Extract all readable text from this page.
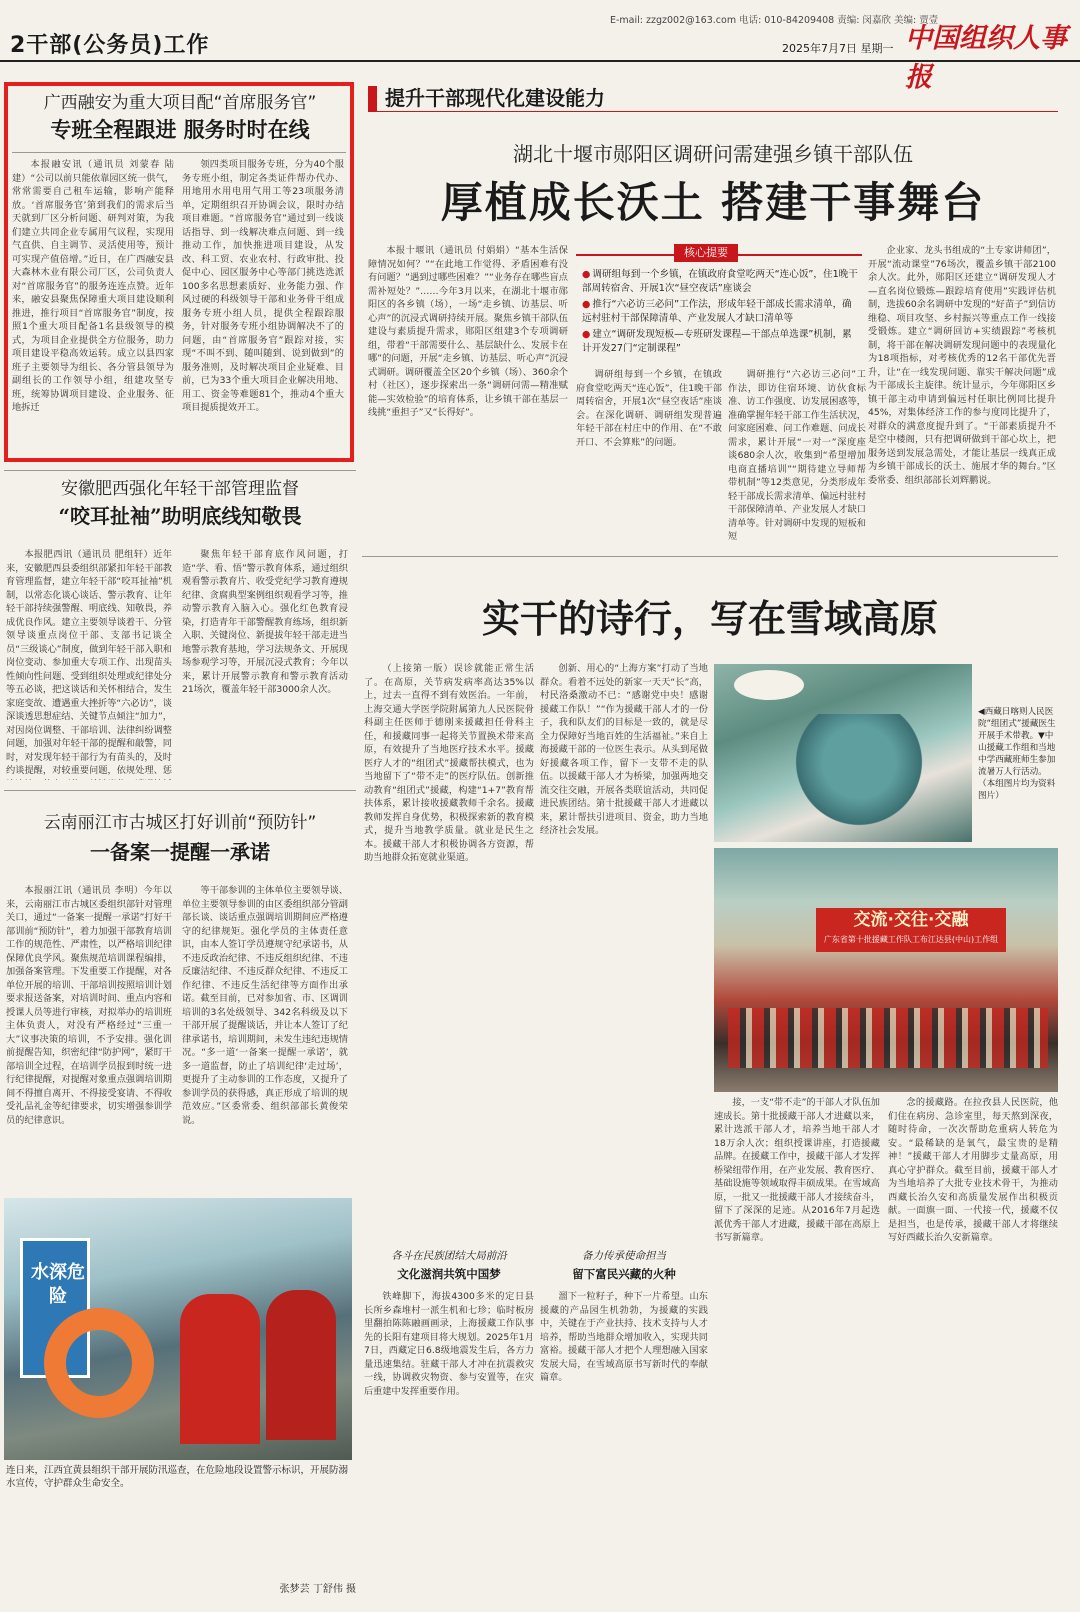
2干部(公务员)工作
E-mail: zzgz002@163.com 电话: 010-84209408 责编: 闵嘉欣 美编: 贾壹
2025年7月7日 星期一 中国组织人事报
广西融安为重大项目配“首席服务官”
专班全程跟进 服务时时在线

本报融安讯（通讯员 刘蒙春 陆建）“公司以前只能依靠园区统一供气，常常需要自己租车运输，影响产能释放。‘首席服务官’第到我们的需求后当天就到厂区分析问题、研判对策，为我们建立共同企业专属用气议程，实现用气直供、自主调节、灵活使用等，预计可实现产值倍增。”近日，在广西融安县大森林木业有限公司厂区，公司负责人对“首席服务官”的服务连连点赞。近年来，融安县聚焦保障重大项目建设顺利推进，推行项目“首席服务官”制度，按照1个重大项目配备1名县级领导的模式，为项目企业提供全方位服务，助力项目建设平稳高效运转。成立以县四家班子主要领导为组长、各分管县领导为副组长的工作领导小组，组建攻坚专班，统筹协调项目建设、企业服务、征地拆迁

领四类项目服务专班，分为40个服务专班小组，制定各类证件帮办代办、用地用水用电用气用工等23项服务清单，定期组织召开协调会议，限时办结项目难题。“首席服务官”通过到一线谈话指导、到一线解决难点问题、到一线推动工作，加快推进项目建设，从发改、科工贸、农业农村、行政审批、投促中心、园区服务中心等部门挑选选派100多名思想素质好、业务能力强、作风过硬的科级领导干部和业务骨干组成服务专班小组人员，提供全程跟踪服务，针对服务专班小组协调解决不了的问题，由“首席服务官”跟踪对接，实现“不叫不到、随叫随到、说到做到”的服务准则，及时解决项目企业疑难、目前，已为33个重大项目企业解决用地、用工、资金等难题81个，推动4个重大项目提质提效开工。

提升干部现代化建设能力
湖北十堰市郧阳区调研问需建强乡镇干部队伍
厚植成长沃土 搭建干事舞台

本报十堰讯（通讯员 付娟娟）“基本生活保障情况如何？”“在此地工作觉得、矛盾困难有没有问题？”遇到过哪些困难？”“业务存在哪些盲点需补短处？”……今年3月以来，在湖北十堰市郧阳区的各乡镇（场），一场“走乡镇、访基层、听心声”的沉浸式调研持续开展。聚焦乡镇干部队伍建设与素质提升需求，郧阳区组建3个专项调研组，带着“干部需要什么、基层缺什么、发展卡在哪”的问题，开展“走乡镇、访基层、听心声”沉浸式调研。调研覆盖全区20个乡镇（场）、360余个村（社区），逐步探索出一条“调研问需—精准赋能—实效检验”的培育体系，让乡镇干部在基层一线挑“重担子”又“长得好”。

核心提要
● 调研组每到一个乡镇，在镇政府食堂吃两天“连心饭”，住1晚干部周转宿舍、开展1次“昼空夜话”座谈会
● 推行“六必访三必问”工作法，形成年轻干部成长需求清单，确远村驻村干部保障清单、产业发展人才缺口清单等
● 建立“调研发现短板—专班研发课程—干部点单选课”机制，累计开发27门“定制课程”

调研组每到一个乡镇，在镇政府食堂吃两天“连心饭”，住1晚干部周转宿舍，开展1次“昼空夜话”座谈会。在深化调研、调研组发现普遍年轻干部在村庄中的作用、在“不敢开口、不会算账”的问题。

调研推行“六必访三必问”工作法，即访住宿环境、访伙食标准、访工作强度、访发展困惑等，准确掌握年轻干部工作生活状况，问家庭困难、问工作难题、问成长需求，累计开展“一对一”深度座谈680余人次，收集到“希望增加电商直播培训”“期待建立导师帮带机制”等12类意见，分类形成年轻干部成长需求清单、偏远村驻村干部保障清单、产业发展人才缺口清单等。针对调研中发现的短板和短

企业家、龙头书组成的“土专家讲师团”，开展“流动课堂”76场次，覆盖乡镇干部2100余人次。此外，郧阳区还建立“调研发现人才—直名岗位锻炼—跟踪培育使用”实践评估机制，选拔60余名调研中发现的“好苗子”到信访维稳、项目攻坚、乡村振兴等重点工作一线接受锻炼。建立“调研回访+实绩跟踪”考核机制，将干部在解决调研发现问题中的表现量化为18项指标，对考核优秀的12名干部优先晋升，让“在一线发现问题、靠实干解决问题”成为干部成长主旋律。统计显示，今年郧阳区乡镇干部主动申请到偏远村任职比例同比提升45%，对集体经济工作的参与度同比提升了，对群众的满意度提升到了。“干部素质提升不是空中楼阁，只有把调研做到干部心坎上，把服务送到发展急需处，才能让基层一线真正成为乡镇干部成长的沃土、施展才华的舞台。”区委常委、组织部部长刘辉鹏说。

安徽肥西强化年轻干部管理监督
“咬耳扯袖”助明底线知敬畏

本报肥西讯（通讯员 肥组轩）近年来，安徽肥西县委组织部紧扣年轻干部教育管理监督，建立年轻干部“咬耳扯袖”机制，以常态化谈心谈话、警示教育、让年轻干部持续强警醒、明底线、知敬畏，养成优良作风。建立主要领导谈着干、分管领导谈重点岗位干部、支部书记谈全员“三级谈心”制度，做到年轻干部入职和岗位变动、参加重大专项工作、出现苗头性倾向性问题、受到组织处理或纪律处分等五必谈，把这谈话和关怀相结合，发生家庭变故、遭遇重大挫折等“六必访”，谈深谈透思想症结、关键节点倾注“加力”，对因岗位调整、干部培训、法律纠纷调整问题，加强对年轻干部的提醒和敲警，同时，对发现年轻干部行为有苗头的，及时约谈提醒，对较重要问题，依规处理、惩

聚焦年轻干部育底作风问题，打造“学、看、悟”警示教育体系，通过组织观看警示教育片、收受党纪学习教育遵规纪律、贪腐典型案例组织观看学习等，推动警示教育入脑入心。强化红色教育浸染，打造青年干部警醒教育练场，组织新入职、关键岗位、新提拔年轻干部走进当地警示教育基地，学习法规条文、开展现场参观学习等，开展沉浸式教育；今年以来，累计开展警示教育和警示教育活动21场次，覆盖年轻干部3000余人次。

云南丽江市古城区打好训前“预防针”
一备案一提醒一承诺

本报丽江讯（通讯员 李明）今年以来，云南丽江市古城区委组织部针对管理关口，通过“一备案一提醒一承诺”打好干部训前“预防针”，着力加强干部教育培训工作的规范性、严肃性，以严格培训纪律保障优良学风。聚焦规范培训课程编排，加强备案管理。下发重要工作提醒，对各单位开展的培训、干部培训按照培训计划要求报送备案，对培训时间、重点内容和授课人员等进行审核，对拟举办的培训班主体负责人，对没有严格经过“三重一大”议事决策的培训，不予安排。强化训前提醒告知，织密纪律“防护网”，紧盯干部培训全过程，在培训学员报到时统一进行纪律提醒，对提醒对象重点强调培训期间不得擅自离开、不得接受宴请、不得收受礼品礼金等纪律要求，切实增强参训学员的纪律意识。

等干部参训的主体单位主要领导谈、单位主要领导参训的由区委组织部分管副部长谈、谈话重点强调培训期间应严格遵守的纪律规矩。强化学员的主体责任意识，由本人签订学员遵规守纪承诺书，从不违反政治纪律、不违反组织纪律、不违反廉洁纪律、不违反群众纪律、不违反工作纪律、不违反生活纪律等方面作出承诺。截至目前，已对参加省、市、区调训培训的3名处级领导、342名科级及以下干部开展了提醒谈话，并让本人签订了纪律承诺书，培训期间，未发生违纪违规情况。“多一道‘一备案一提醒一承诺’，就多一道监督，防止了培训纪律‘走过场’，更提升了主动参训的工作态度，又提升了参训学员的获得感，真正形成了培训的规范效应。”区委常委、组织部部长黄俊荣说。

水深危险
连日来，江西宜黄县组织干部开展防汛巡查，在危险地段设置警示标识，开展防溺水宣传，守护群众生命安全。
张梦芸 丁舒伟 摄
实干的诗行，写在雪域高原

（上接第一版）误诊就能正常生活了。在高原，关节病发病率高达35%以上，过去一直得不到有效医治。一年前，上海交通大学医学院附属第九人民医院骨科副主任医师于德刚来援藏担任骨科主任，和援藏同事一起将关节置换术带来高原，有效提升了当地医疗技术水平。援藏医疗人才的“组团式”援藏帮扶模式，也为当地留下了“带不走”的医疗队伍。创新推动教育“组团式”援藏，构建“1+7”教育帮扶体系，累计接收援藏教师千余名。援藏教师发挥自身优势，积极探索新的教育模式，提升当地教学质量。就业是民生之本。援藏干部人才积极协调各方资源，帮助当地群众拓宽就业渠道。

创新、用心的“上海方案”打动了当地群众。看着不远处的新家一天天“长”高，村民洛桑激动不已：“感谢党中央！感谢援藏工作队！”“作为援藏干部人才的一份子，我和队友们的目标是一致的，就是尽全力保障好当地百姓的生活福祉。”来自上海援藏干部的一位医生表示。从头到尾做好援藏各项工作，留下一支带不走的队伍。以援藏干部人才为桥梁，加强两地交流交往交融，开展各类联谊活动，共同促进民族团结。第十批援藏干部人才进藏以来，累计帮扶引进项目、资金，助力当地经济社会发展。

◀西藏日喀则人民医院“组团式”援藏医生开展手术带教。▼中山援藏工作组和当地中学西藏班师生参加流暑万人行活动。（本组图片均为资料图片）
交流·交往·交融
广东省第十批援藏工作队工布江达县(中山)工作组

接，一支“带不走”的干部人才队伍加速成长。第十批援藏干部人才进藏以来，累计选派干部人才，培养当地干部人才18万余人次；组织授课讲座，打造援藏品牌。在援藏工作中，援藏干部人才发挥桥梁纽带作用，在产业发展、教育医疗、基础设施等领域取得丰硕成果。在雪域高原，一批又一批援藏干部人才接续奋斗，留下了深深的足迹。从2016年7月起选派优秀干部人才进藏，援藏干部在高原上书写新篇章。

念的援藏路。在拉孜县人民医院，他们住在病房、急诊室里，每天熬到深夜，随时待命，一次次帮助危重病人转危为安。“最稀缺的是氧气，最宝贵的是精神！”援藏干部人才用脚步丈量高原，用真心守护群众。截至目前，援藏干部人才为当地培养了大批专业技术骨干，为推动西藏长治久安和高质量发展作出积极贡献。一面旗一面、一代接一代，援藏不仅是担当，也是传承，援藏干部人才将继续写好西藏长治久安新篇章。

各斗在民族团结大局前沿
文化滋润共筑中国梦

铁峰脚下，海拔4300多米的定日县长所乡森堆村一派生机和七珍；临时板房里翻拍陈陈融画画录，上海援藏工作队事先的长阳有建项目将大规划。2025年1月7日，西藏定日6.8级地震发生后，各方力量迅速集结。驻藏干部人才冲在抗震救灾一线，协调救灾物资、参与安置等，在灾后重建中发挥重要作用。

备力传承使命担当
留下富民兴藏的火种

溜下一粒籽子，种下一片希望。山东援藏的产品园生机勃勃，为援藏的实践中，关键在于产业扶持、技术支持与人才培养，帮助当地群众增加收入，实现共同富裕。援藏干部人才把个人理想融入国家发展大局，在雪域高原书写新时代的奉献篇章。
